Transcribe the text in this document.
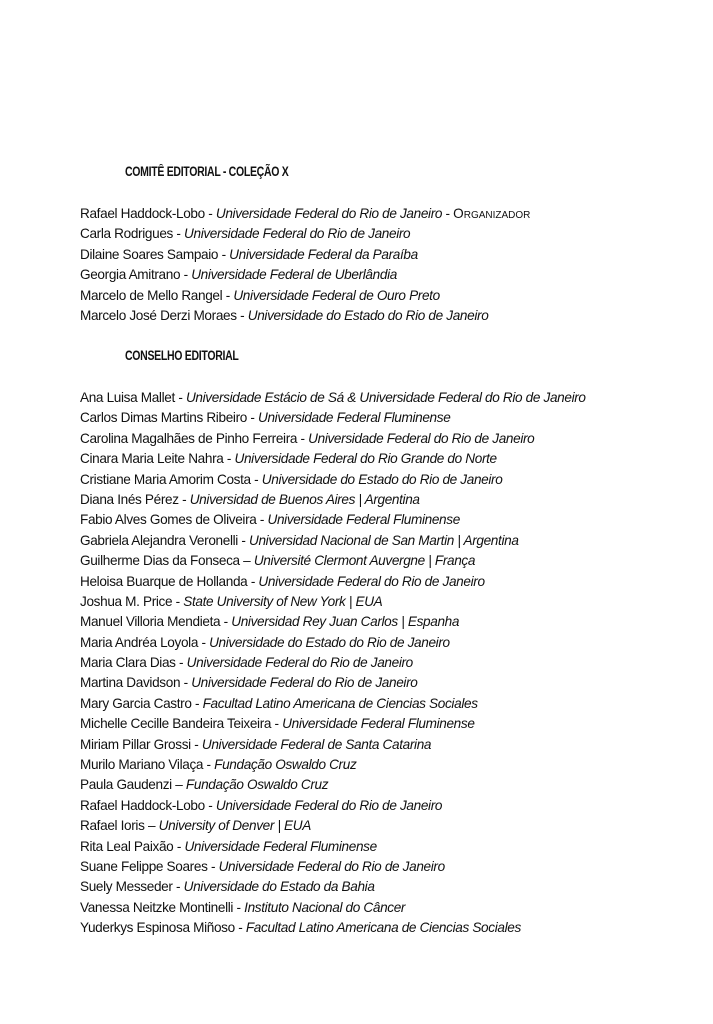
COMITÊ EDITORIAL - COLEÇÃO X
Rafael Haddock-Lobo - Universidade Federal do Rio de Janeiro - Organizador
Carla Rodrigues - Universidade Federal do Rio de Janeiro
Dilaine Soares Sampaio - Universidade Federal da Paraíba
Georgia Amitrano - Universidade Federal de Uberlândia
Marcelo de Mello Rangel - Universidade Federal de Ouro Preto
Marcelo José Derzi Moraes - Universidade do Estado do Rio de Janeiro
CONSELHO EDITORIAL
Ana Luisa Mallet - Universidade Estácio de Sá & Universidade Federal do Rio de Janeiro
Carlos Dimas Martins Ribeiro - Universidade Federal Fluminense
Carolina Magalhães de Pinho Ferreira - Universidade Federal do Rio de Janeiro
Cinara Maria Leite Nahra - Universidade Federal do Rio Grande do Norte
Cristiane Maria Amorim Costa - Universidade do Estado do Rio de Janeiro
Diana Inés Pérez - Universidad de Buenos Aires | Argentina
Fabio Alves Gomes de Oliveira - Universidade Federal Fluminense
Gabriela Alejandra Veronelli - Universidad Nacional de San Martin | Argentina
Guilherme Dias da Fonseca – Université Clermont Auvergne | França
Heloisa Buarque de Hollanda - Universidade Federal do Rio de Janeiro
Joshua M. Price - State University of New York | EUA
Manuel Villoria Mendieta - Universidad Rey Juan Carlos | Espanha
Maria Andréa Loyola - Universidade do Estado do Rio de Janeiro
Maria Clara Dias - Universidade Federal do Rio de Janeiro
Martina Davidson - Universidade Federal do Rio de Janeiro
Mary Garcia Castro - Facultad Latino Americana de Ciencias Sociales
Michelle Cecille Bandeira Teixeira - Universidade Federal Fluminense
Miriam Pillar Grossi - Universidade Federal de Santa Catarina
Murilo Mariano Vilaça - Fundação Oswaldo Cruz
Paula Gaudenzi – Fundação Oswaldo Cruz
Rafael Haddock-Lobo - Universidade Federal do Rio de Janeiro
Rafael Ioris – University of Denver | EUA
Rita Leal Paixão - Universidade Federal Fluminense
Suane Felippe Soares - Universidade Federal do Rio de Janeiro
Suely Messeder - Universidade do Estado da Bahia
Vanessa Neitzke Montinelli - Instituto Nacional do Câncer
Yuderkys Espinosa Miñoso - Facultad Latino Americana de Ciencias Sociales
